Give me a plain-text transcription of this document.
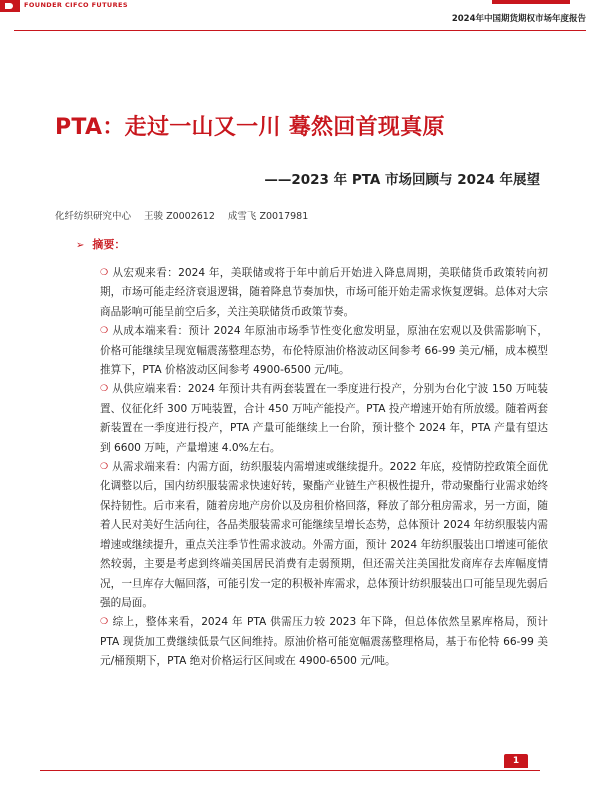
FOUNDER CIFCO FUTURES
2024年中国期货期权市场年度报告
PTA：走过一山又一川 蓦然回首现真原
——2023 年 PTA 市场回顾与 2024 年展望
化纤纺织研究中心 王骏 Z0002612 成雪飞 Z0017981
➢ 摘要：
❍ 从宏观来看：2024 年，美联储或将于年中前后开始进入降息周期，美联储货币政策转向初期，市场可能走经济衰退逻辑，随着降息节奏加快，市场可能开始走需求恢复逻辑。总体对大宗商品影响可能呈前空后多，关注美联储货币政策节奏。
❍ 从成本端来看：预计 2024 年原油市场季节性变化愈发明显，原油在宏观以及供需影响下，价格可能继续呈现宽幅震荡整理态势，布伦特原油价格波动区间参考 66-99 美元/桶，成本模型推算下，PTA 价格波动区间参考 4900-6500 元/吨。
❍ 从供应端来看：2024 年预计共有两套装置在一季度进行投产，分别为台化宁波 150 万吨装置、仪征化纤 300 万吨装置，合计 450 万吨产能投产。PTA 投产增速开始有所放缓。随着两套新装置在一季度进行投产，PTA 产量可能继续上一台阶，预计整个 2024 年，PTA 产量有望达到 6600 万吨，产量增速 4.0%左右。
❍ 从需求端来看：内需方面，纺织服装内需增速或继续提升。2022 年底，疫情防控政策全面优化调整以后，国内纺织服装需求快速好转，聚酯产业链生产积极性提升，带动聚酯行业需求始终保持韧性。后市来看，随着房地产房价以及房租价格回落，释放了部分租房需求，另一方面，随着人民对美好生活向往，各品类服装需求可能继续呈增长态势，总体预计 2024 年纺织服装内需增速或继续提升，重点关注季节性需求波动。外需方面，预计 2024 年纺织服装出口增速可能依然较弱，主要是考虑到终端美国居民消费有走弱预期，但还需关注美国批发商库存去库幅度情况，一旦库存大幅回落，可能引发一定的积极补库需求，总体预计纺织服装出口可能呈现先弱后强的局面。
❍ 综上，整体来看，2024 年 PTA 供需压力较 2023 年下降，但总体依然呈累库格局，预计 PTA 现货加工费继续低景气区间维持。原油价格可能宽幅震荡整理格局，基于布伦特 66-99 美元/桶预期下，PTA 绝对价格运行区间或在 4900-6500 元/吨。
1
